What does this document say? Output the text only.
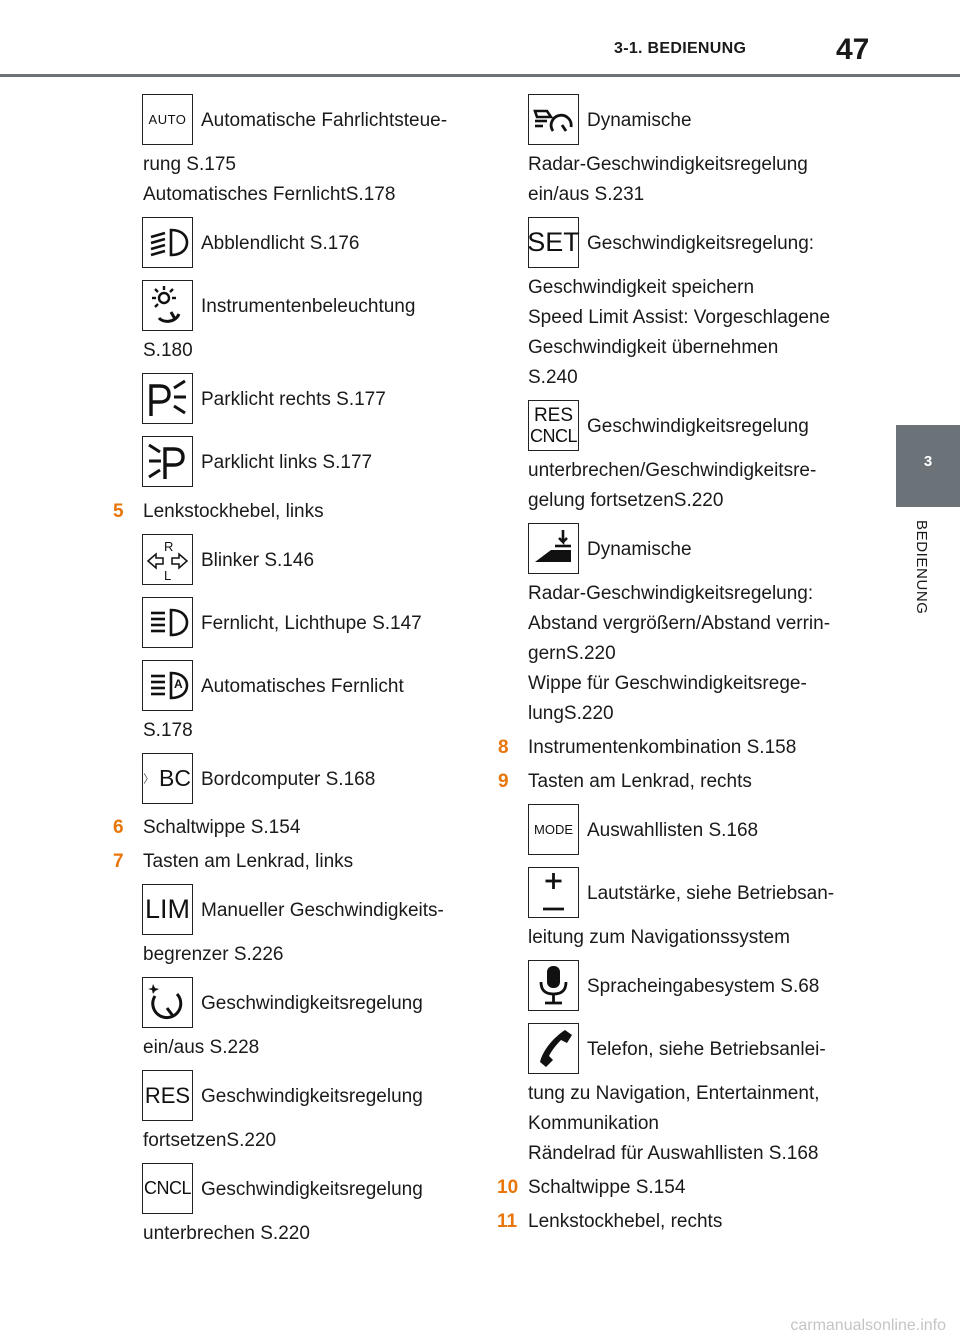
3-1. BEDIENUNG	47
3
BEDIENUNG
AUTO Automatische Fahrlichtsteue-
rung S.175
Automatisches FernlichtS.178
Abblendlicht S.176
Instrumentenbeleuchtung
S.180
Parklicht rechts S.177
Parklicht links S.177
5 Lenkstockhebel, links
R
L
Blinker S.146
Fernlicht, Lichthupe S.147
A Automatisches Fernlicht
S.178
BC Bordcomputer S.168
6 Schaltwippe S.154
7 Tasten am Lenkrad, links
LIM Manueller Geschwindigkeits-
begrenzer S.226
Geschwindigkeitsregelung
ein/aus S.228
RES Geschwindigkeitsregelung
fortsetzenS.220
CNCL Geschwindigkeitsregelung
unterbrechen S.220
Dynamische
Radar-Geschwindigkeitsregelung
ein/aus S.231
SET Geschwindigkeitsregelung:
Geschwindigkeit speichern
Speed Limit Assist: Vorgeschlagene
Geschwindigkeit übernehmen
S.240
RES
CNCL Geschwindigkeitsregelung
unterbrechen/Geschwindigkeitsre-
gelung fortsetzenS.220
Dynamische
Radar-Geschwindigkeitsregelung:
Abstand vergrößern/Abstand verrin-
gernS.220
Wippe für Geschwindigkeitsrege-
lungS.220
8 Instrumentenkombination S.158
9 Tasten am Lenkrad, rechts
MODE Auswahllisten S.168
Lautstärke, siehe Betriebsan-
leitung zum Navigationssystem
Spracheingabesystem S.68
Telefon, siehe Betriebsanlei-
tung zu Navigation, Entertainment,
Kommunikation
Rändelrad für Auswahllisten S.168
10 Schaltwippe S.154
11 Lenkstockhebel, rechts
carmanualsonline.info
